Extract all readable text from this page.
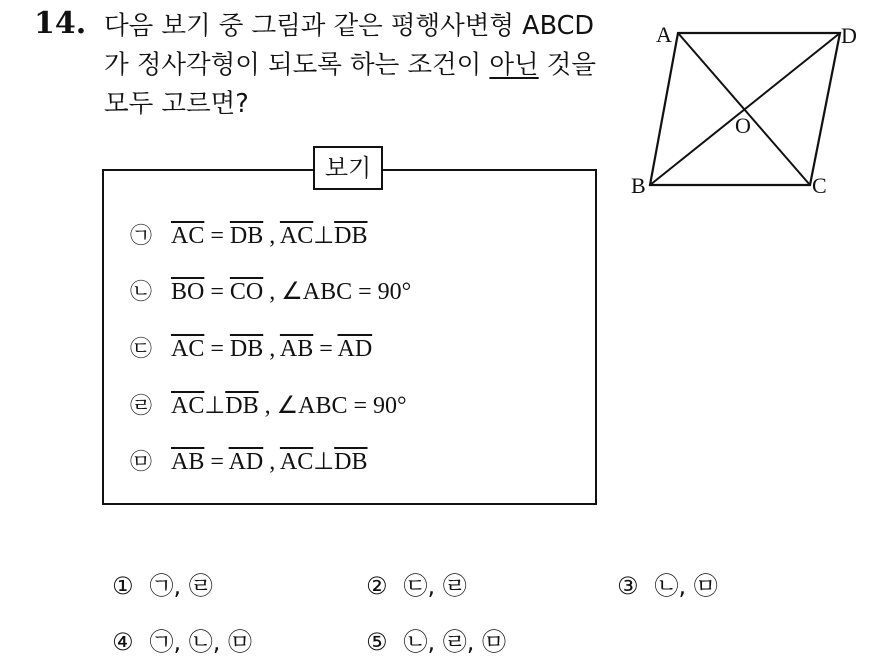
14. 다음 보기 중 그림과 같은 평행사변형 ABCD
가 정사각형이 되도록 하는 조건이 아닌 것을
모두 고르면?
A	D
B	C
O
보기
㉠ $\overline{AC} = \overline{DB}$ , $\overline{AC}\perp\overline{DB}$
㉡ $\overline{BO} = \overline{CO}$ , ∠ABC = 90°
㉢ $\overline{AC} = \overline{DB}$ , $\overline{AB} = \overline{AD}$
㉣ $\overline{AC}\perp\overline{DB}$ , ∠ABC = 90°
㉤ $\overline{AB} = \overline{AD}$ , $\overline{AC}\perp\overline{DB}$
① ㉠, ㉣	② ㉢, ㉣	③ ㉡, ㉤
④ ㉠, ㉡, ㉤	⑤ ㉡, ㉣, ㉤
